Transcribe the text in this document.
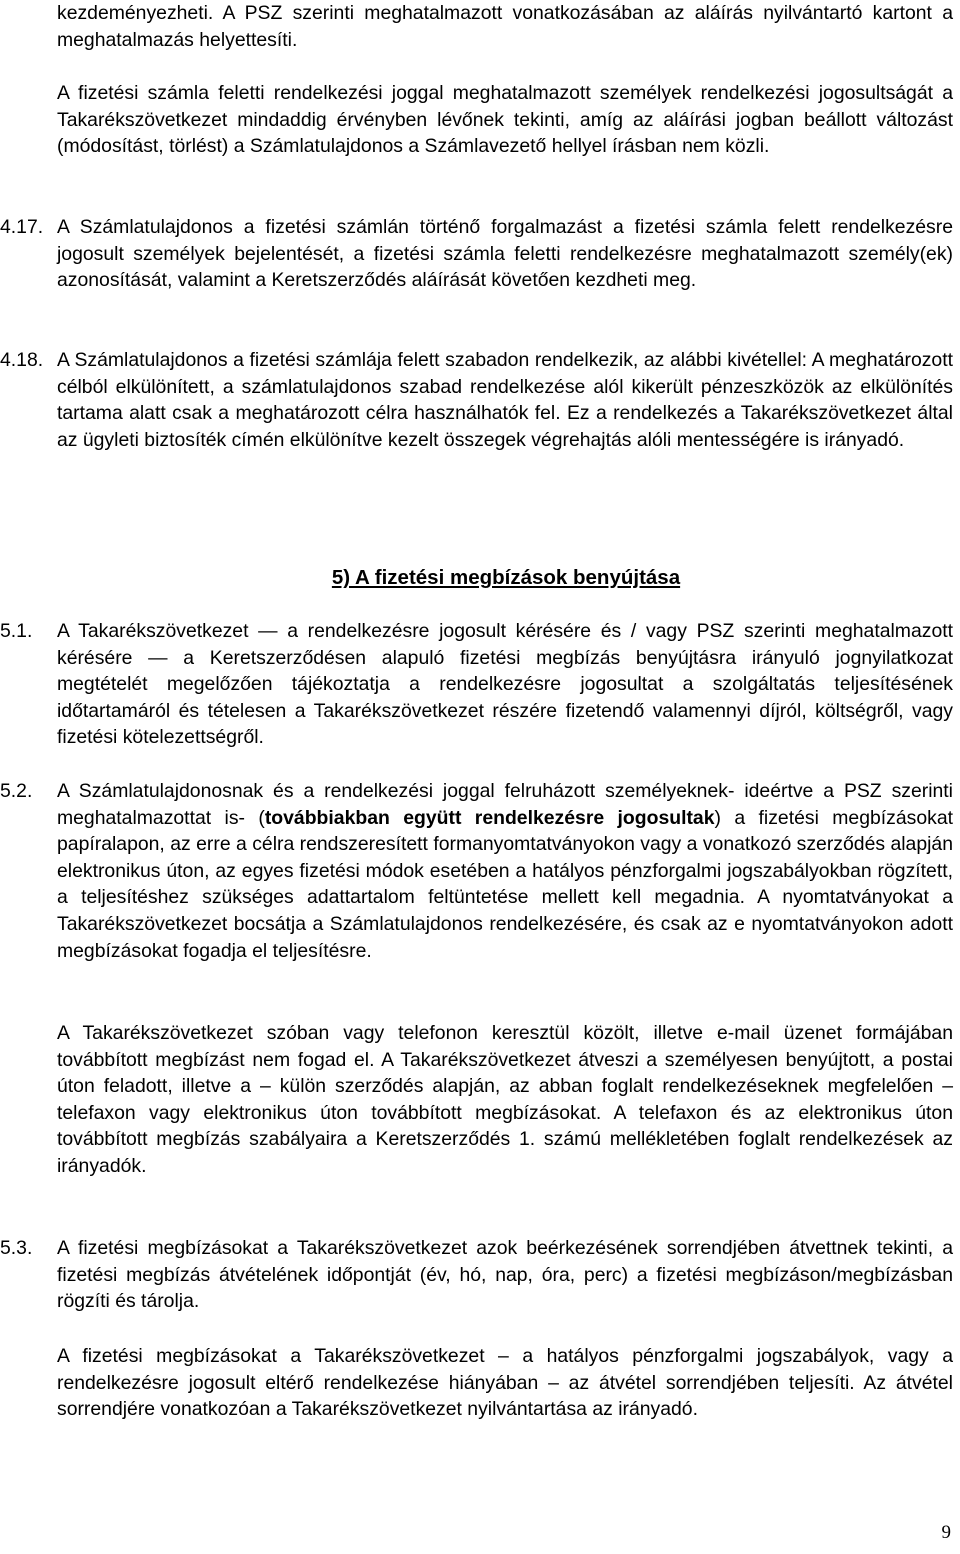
kezdeményezheti. A PSZ szerinti meghatalmazott vonatkozásában az aláírás nyilvántartó kartont a meghatalmazás helyettesíti.
A fizetési számla feletti rendelkezési joggal meghatalmazott személyek rendelkezési jogosultságát a Takarékszövetkezet mindaddig érvényben lévőnek tekinti, amíg az aláírási jogban beállott változást (módosítást, törlést) a Számlatulajdonos a Számlavezető hellyel írásban nem közli.
4.17. A Számlatulajdonos a fizetési számlán történő forgalmazást a fizetési számla felett rendelkezésre jogosult személyek bejelentését, a fizetési számla feletti rendelkezésre meghatalmazott személy(ek) azonosítását, valamint a Keretszerződés aláírását követően kezdheti meg.
4.18. A Számlatulajdonos a fizetési számlája felett szabadon rendelkezik, az alábbi kivétellel: A meghatározott célból elkülönített, a számlatulajdonos szabad rendelkezése alól kikerült pénzeszközök az elkülönítés tartama alatt csak a meghatározott célra használhatók fel. Ez a rendelkezés a Takarékszövetkezet által az ügyleti biztosíték címén elkülönítve kezelt összegek végrehajtás alóli mentességére is irányadó.
5) A fizetési megbízások benyújtása
5.1. A Takarékszövetkezet — a rendelkezésre jogosult kérésére és / vagy PSZ szerinti meghatalmazott kérésére — a Keretszerződésen alapuló fizetési megbízás benyújtásra irányuló jognyilatkozat megtételét megelőzően tájékoztatja a rendelkezésre jogosultat a szolgáltatás teljesítésének időtartamáról és tételesen a Takarékszövetkezet részére fizetendő valamennyi díjról, költségről, vagy fizetési kötelezettségről.
5.2. A Számlatulajdonosnak és a rendelkezési joggal felruházott személyeknek- ideértve a PSZ szerinti meghatalmazottat is- (továbbiakban együtt rendelkezésre jogosultak) a fizetési megbízásokat papíralapon, az erre a célra rendszeresített formanyomtatványokon vagy a vonatkozó szerződés alapján elektronikus úton, az egyes fizetési módok esetében a hatályos pénzforgalmi jogszabályokban rögzített, a teljesítéshez szükséges adattartalom feltüntetése mellett kell megadnia. A nyomtatványokat a Takarékszövetkezet bocsátja a Számlatulajdonos rendelkezésére, és csak az e nyomtatványokon adott megbízásokat fogadja el teljesítésre.
A Takarékszövetkezet szóban vagy telefonon keresztül közölt, illetve e-mail üzenet formájában továbbított megbízást nem fogad el. A Takarékszövetkezet átveszi a személyesen benyújtott, a postai úton feladott, illetve a – külön szerződés alapján, az abban foglalt rendelkezéseknek megfelelően – telefaxon vagy elektronikus úton továbbított megbízásokat. A telefaxon és az elektronikus úton továbbított megbízás szabályaira a Keretszerződés 1. számú mellékletében foglalt rendelkezések az irányadók.
5.3. A fizetési megbízásokat a Takarékszövetkezet azok beérkezésének sorrendjében átvettnek tekinti, a fizetési megbízás átvételének időpontját (év, hó, nap, óra, perc) a fizetési megbízáson/megbízásban rögzíti és tárolja.
A fizetési megbízásokat a Takarékszövetkezet – a hatályos pénzforgalmi jogszabályok, vagy a rendelkezésre jogosult eltérő rendelkezése hiányában – az átvétel sorrendjében teljesíti. Az átvétel sorrendjére vonatkozóan a Takarékszövetkezet nyilvántartása az irányadó.
9
